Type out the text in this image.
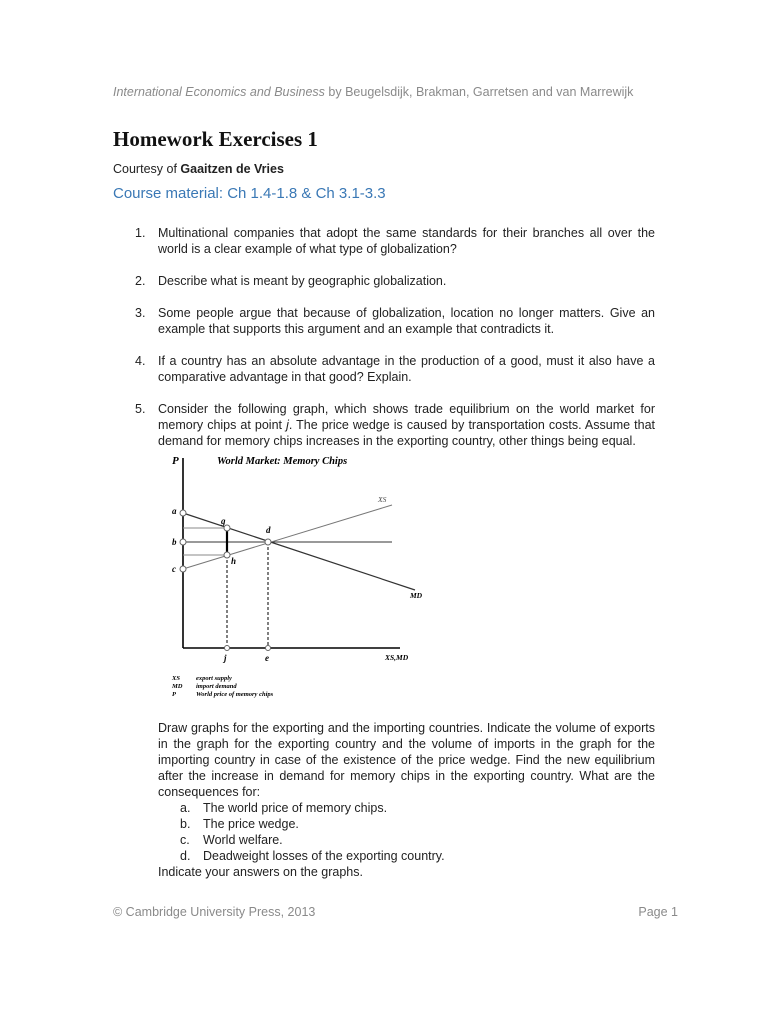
International Economics and Business by Beugelsdijk, Brakman, Garretsen and van Marrewijk
Homework Exercises 1
Courtesy of Gaaitzen de Vries
Course material: Ch 1.4-1.8 & Ch 3.1-3.3
1. Multinational companies that adopt the same standards for their branches all over the world is a clear example of what type of globalization?
2. Describe what is meant by geographic globalization.
3. Some people argue that because of globalization, location no longer matters. Give an example that supports this argument and an example that contradicts it.
4. If a country has an absolute advantage in the production of a good, must it also have a comparative advantage in that good? Explain.
5. Consider the following graph, which shows trade equilibrium on the world market for memory chips at point j. The price wedge is caused by transportation costs. Assume that demand for memory chips increases in the exporting country, other things being equal.
P	World Market: Memory Chips
XS,MD
XS
MD
a
b
c
g
h
d
j	e
XS export supply
MD import demand
P	World price of memory chips
Draw graphs for the exporting and the importing countries. Indicate the volume of exports in the graph for the exporting country and the volume of imports in the graph for the importing country in case of the existence of the price wedge. Find the new equilibrium after the increase in demand for memory chips in the exporting country. What are the consequences for:
a. The world price of memory chips.
b. The price wedge.
c. World welfare.
d. Deadweight losses of the exporting country.
Indicate your answers on the graphs.
© Cambridge University Press, 2013	Page 1
